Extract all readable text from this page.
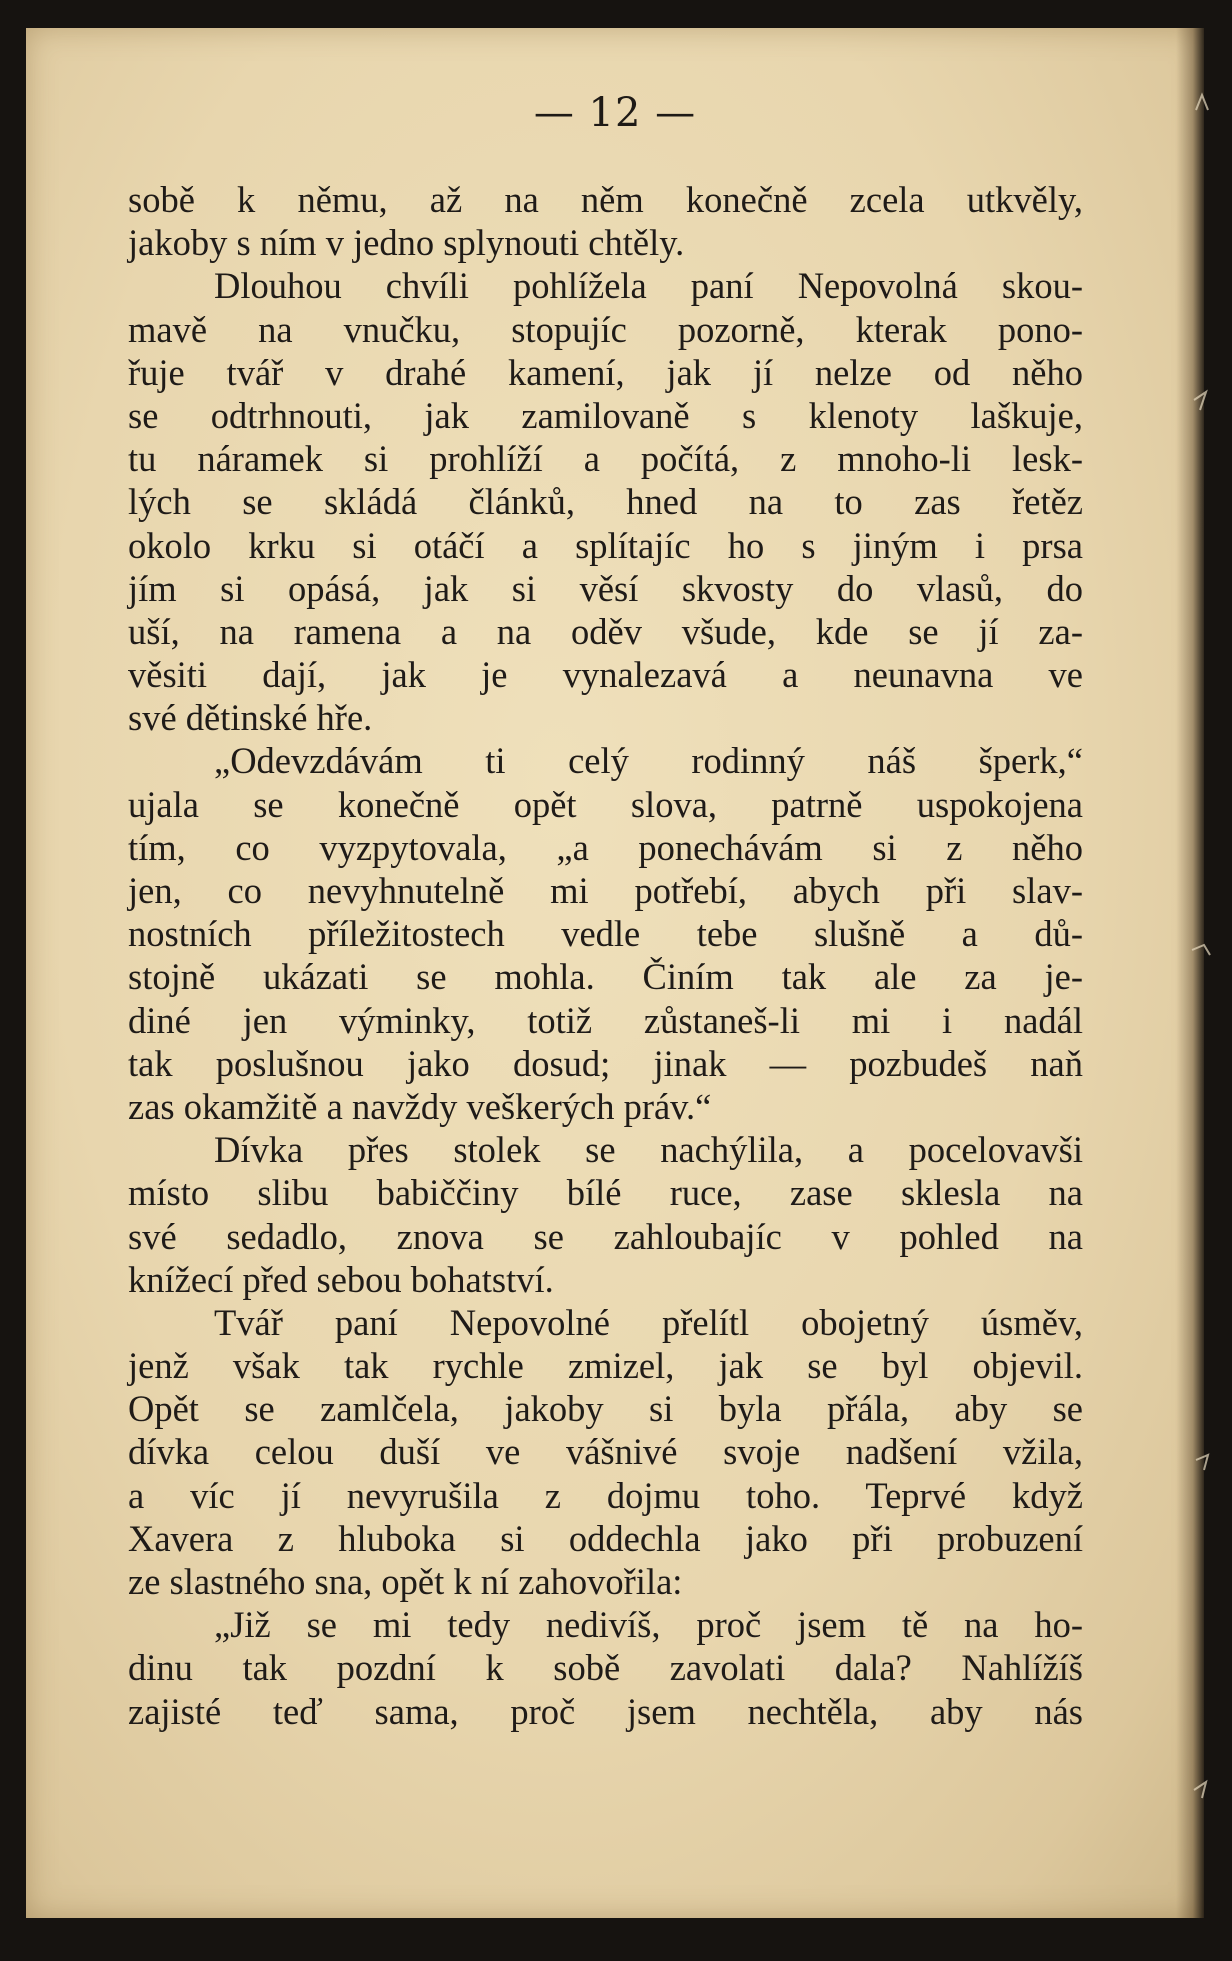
— 12 —
sobě k němu, až na něm konečně zcela utkvěly,
jakoby s ním v jedno splynouti chtěly.
Dlouhou chvíli pohlížela paní Nepovolná skou-
mavě na vnučku, stopujíc pozorně, kterak pono-
řuje tvář v drahé kamení, jak jí nelze od něho
se odtrhnouti, jak zamilovaně s klenoty laškuje,
tu náramek si prohlíží a počítá, z mnoho-li lesk-
lých se skládá článků, hned na to zas řetěz
okolo krku si otáčí a splítajíc ho s jiným i prsa
jím si opásá, jak si věsí skvosty do vlasů, do
uší, na ramena a na oděv všude, kde se jí za-
věsiti dají, jak je vynalezavá a neunavna ve
své dětinské hře.
„Odevzdávám ti celý rodinný náš šperk,“
ujala se konečně opět slova, patrně uspokojena
tím, co vyzpytovala, „a ponechávám si z něho
jen, co nevyhnutelně mi potřebí, abych při slav-
nostních příležitostech vedle tebe slušně a dů-
stojně ukázati se mohla. Činím tak ale za je-
diné jen výminky, totiž zůstaneš-li mi i nadál
tak poslušnou jako dosud; jinak — pozbudeš naň
zas okamžitě a navždy veškerých práv.“
Dívka přes stolek se nachýlila, a pocelovavši
místo slibu babiččiny bílé ruce, zase sklesla na
své sedadlo, znova se zahloubajíc v pohled na
knížecí před sebou bohatství.
Tvář paní Nepovolné přelítl obojetný úsměv,
jenž však tak rychle zmizel, jak se byl objevil.
Opět se zamlčela, jakoby si byla přála, aby se
dívka celou duší ve vášnivé svoje nadšení vžila,
a víc jí nevyrušila z dojmu toho. Teprvé když
Xavera z hluboka si oddechla jako při probuzení
ze slastného sna, opět k ní zahovořila:
„Již se mi tedy nedivíš, proč jsem tě na ho-
dinu tak pozdní k sobě zavolati dala? Nahlížíš
zajisté teď sama, proč jsem nechtěla, aby nás
